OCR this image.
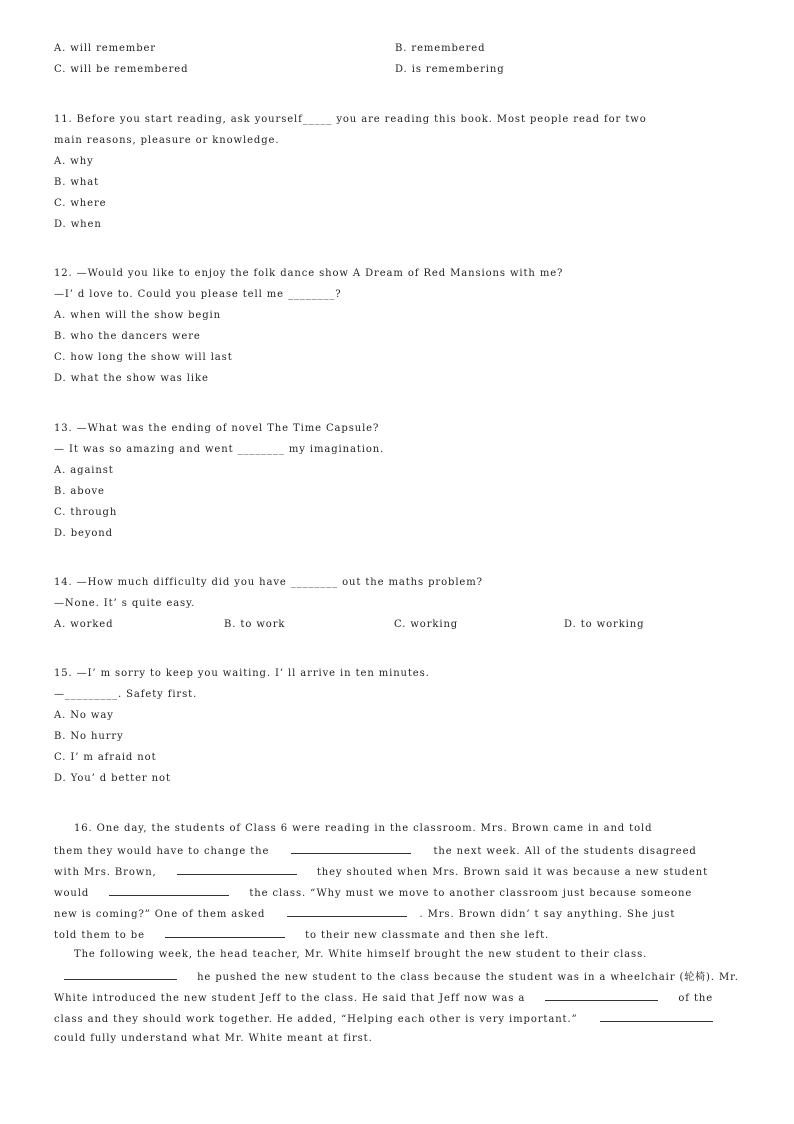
A. will remember	B. remembered
C. will be remembered	D. is remembering
11. Before you start reading, ask yourself_____ you are reading this book. Most people read for two
main reasons, pleasure or knowledge.
A. why
B. what
C. where
D. when
12. —Would you like to enjoy the folk dance show A Dream of Red Mansions with me?
—I’ d love to. Could you please tell me ________?
A. when will the show begin
B. who the dancers were
C. how long the show will last
D. what the show was like
13. —What was the ending of novel The Time Capsule?
— It was so amazing and went ________ my imagination.
A. against
B. above
C. through
D. beyond
14. —How much difficulty did you have ________ out the maths problem?
—None. It’ s quite easy.
A. worked	B. to work	C. working	D. to working
15. —I’ m sorry to keep you waiting. I’ ll arrive in ten minutes.
—_________. Safety first.
A. No way
B. No hurry
C. I’ m afraid not
D. You’ d better not
16. One day, the students of Class 6 were reading in the classroom. Mrs. Brown came in and told
them they would have to change the	the next week. All of the students disagreed
with Mrs. Brown,	they shouted when Mrs. Brown said it was because a new student
would	the class. “Why must we move to another classroom just because someone
new is coming?” One of them asked	. Mrs. Brown didn’ t say anything. She just
told them to be	to their new classmate and then she left.
The following week, the head teacher, Mr. White himself brought the new student to their class.
he pushed the new student to the class because the student was in a wheelchair (轮椅). Mr.
White introduced the new student Jeff to the class. He said that Jeff now was a	of the
class and they should work together. He added, “Helping each other is very important.”
could fully understand what Mr. White meant at first.
